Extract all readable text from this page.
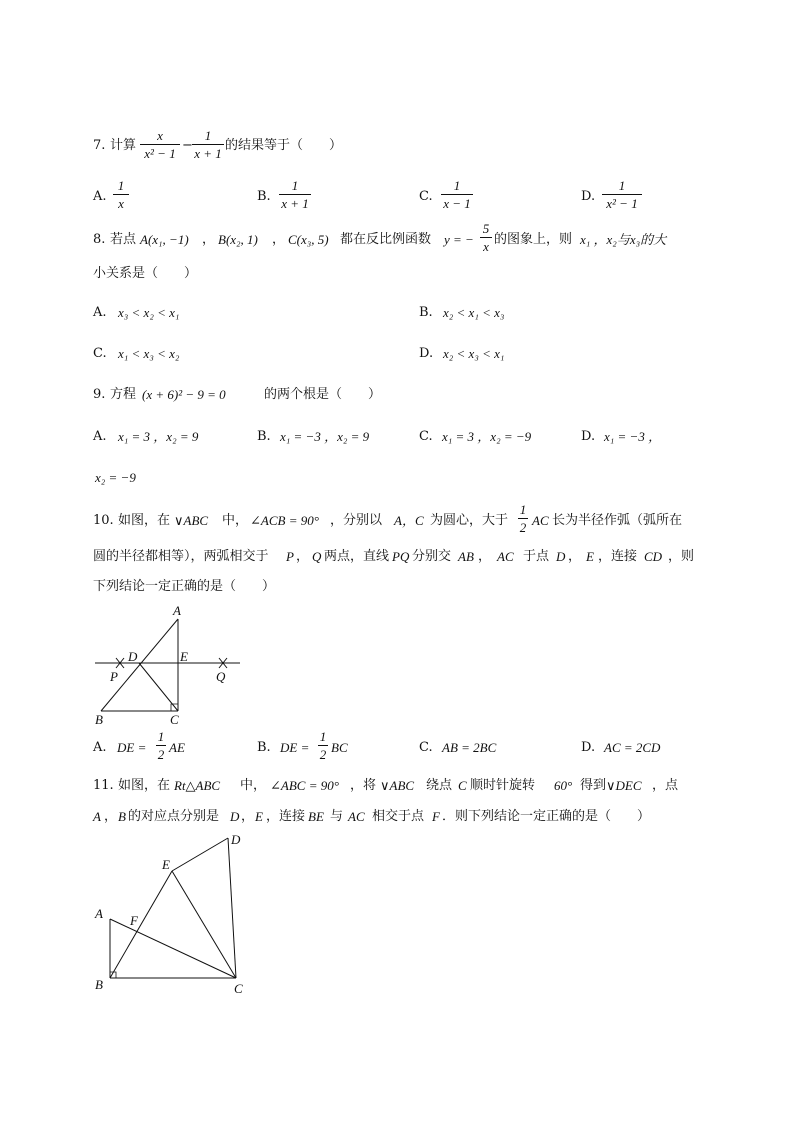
7. 计算
x
x² − 1
−
1
x + 1
的结果等于（　　）
A.
1
x	B.
1
x + 1	C.
1
x − 1	D.
1
x² − 1
8. 若点 A(x₁, −1) ， B(x₂, 1) ， C(x₃, 5) 都在反比例函数 y = −
5
x 的图象上，则 x₁ ，x₂与x₃的大
小关系是（　　）
A. x₃ < x₂ < x₁	B. x₂ < x₁ < x₃
C. x₁ < x₃ < x₂	D. x₂ < x₃ < x₁
9. 方程 (x + 6)² − 9 = 0	的两个根是（　　）
A. x₁ = 3 ，x₂ = 9	B. x₁ = −3 ，x₂ = 9	C. x₁ = 3 ，x₂ = −9	D. x₁ = −3 ，
x₂ = −9
10. 如图，在 ∨ABC 中， ∠ACB = 90° ，分别以 A，C 为圆心，大于
1
2 AC 长为半径作弧（弧所在
圆的半径都相等），两弧相交于 P ， Q 两点，直线 PQ 分别交 AB ， AC 于点 D ， E ，连接 CD ，则
下列结论一定正确的是（　　）
A
B	C
D	E
P	Q
A. DE =
1
2 AE	B. DE =
1
2 BC	C. AB = 2BC	D. AC = 2CD
11. 如图，在 Rt△ABC 中， ∠ABC = 90° ，将 ∨ABC 绕点 C 顺时针旋转 60° 得到 ∨DEC ，点
A ， B 的对应点分别是 D ， E ，连接 BE 与 AC 相交于点 F ．则下列结论一定正确的是（　　）
A
B	C
D
E
F
